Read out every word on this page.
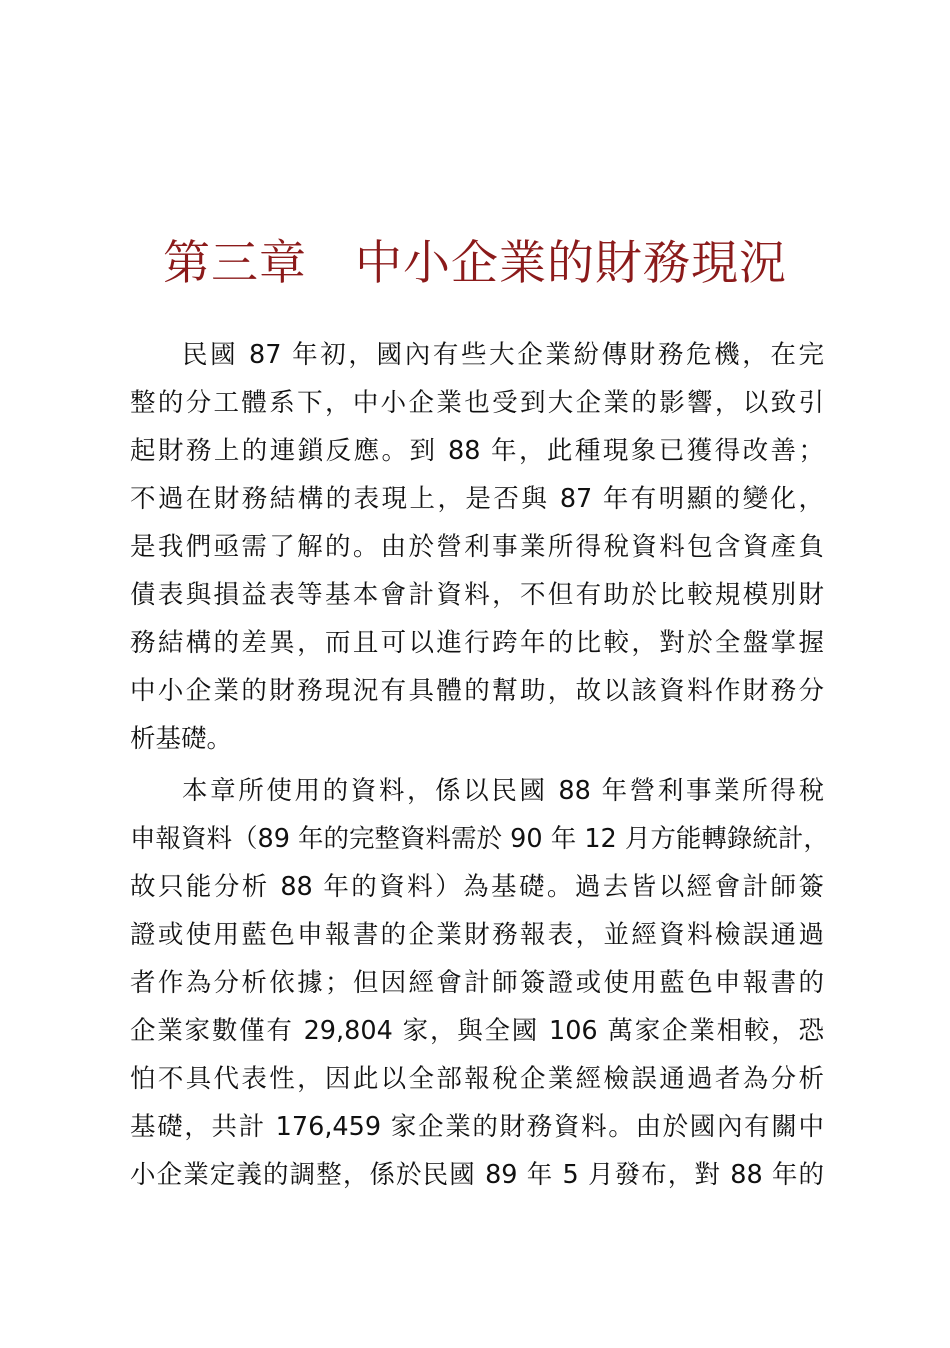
第三章　中小企業的財務現況
民國 87 年初，國內有些大企業紛傳財務危機，在完
整的分工體系下，中小企業也受到大企業的影響，以致引
起財務上的連鎖反應。到 88 年，此種現象已獲得改善；
不過在財務結構的表現上，是否與 87 年有明顯的變化，
是我們亟需了解的。由於營利事業所得稅資料包含資產負
債表與損益表等基本會計資料，不但有助於比較規模別財
務結構的差異，而且可以進行跨年的比較，對於全盤掌握
中小企業的財務現況有具體的幫助，故以該資料作財務分
析基礎。
本章所使用的資料，係以民國 88 年營利事業所得稅
申報資料（89 年的完整資料需於 90 年 12 月方能轉錄統計，
故只能分析 88 年的資料）為基礎。過去皆以經會計師簽
證或使用藍色申報書的企業財務報表，並經資料檢誤通過
者作為分析依據；但因經會計師簽證或使用藍色申報書的
企業家數僅有 29,804 家，與全國 106 萬家企業相較，恐
怕不具代表性，因此以全部報稅企業經檢誤通過者為分析
基礎，共計 176,459 家企業的財務資料。由於國內有關中
小企業定義的調整，係於民國 89 年 5 月發布，對 88 年的
